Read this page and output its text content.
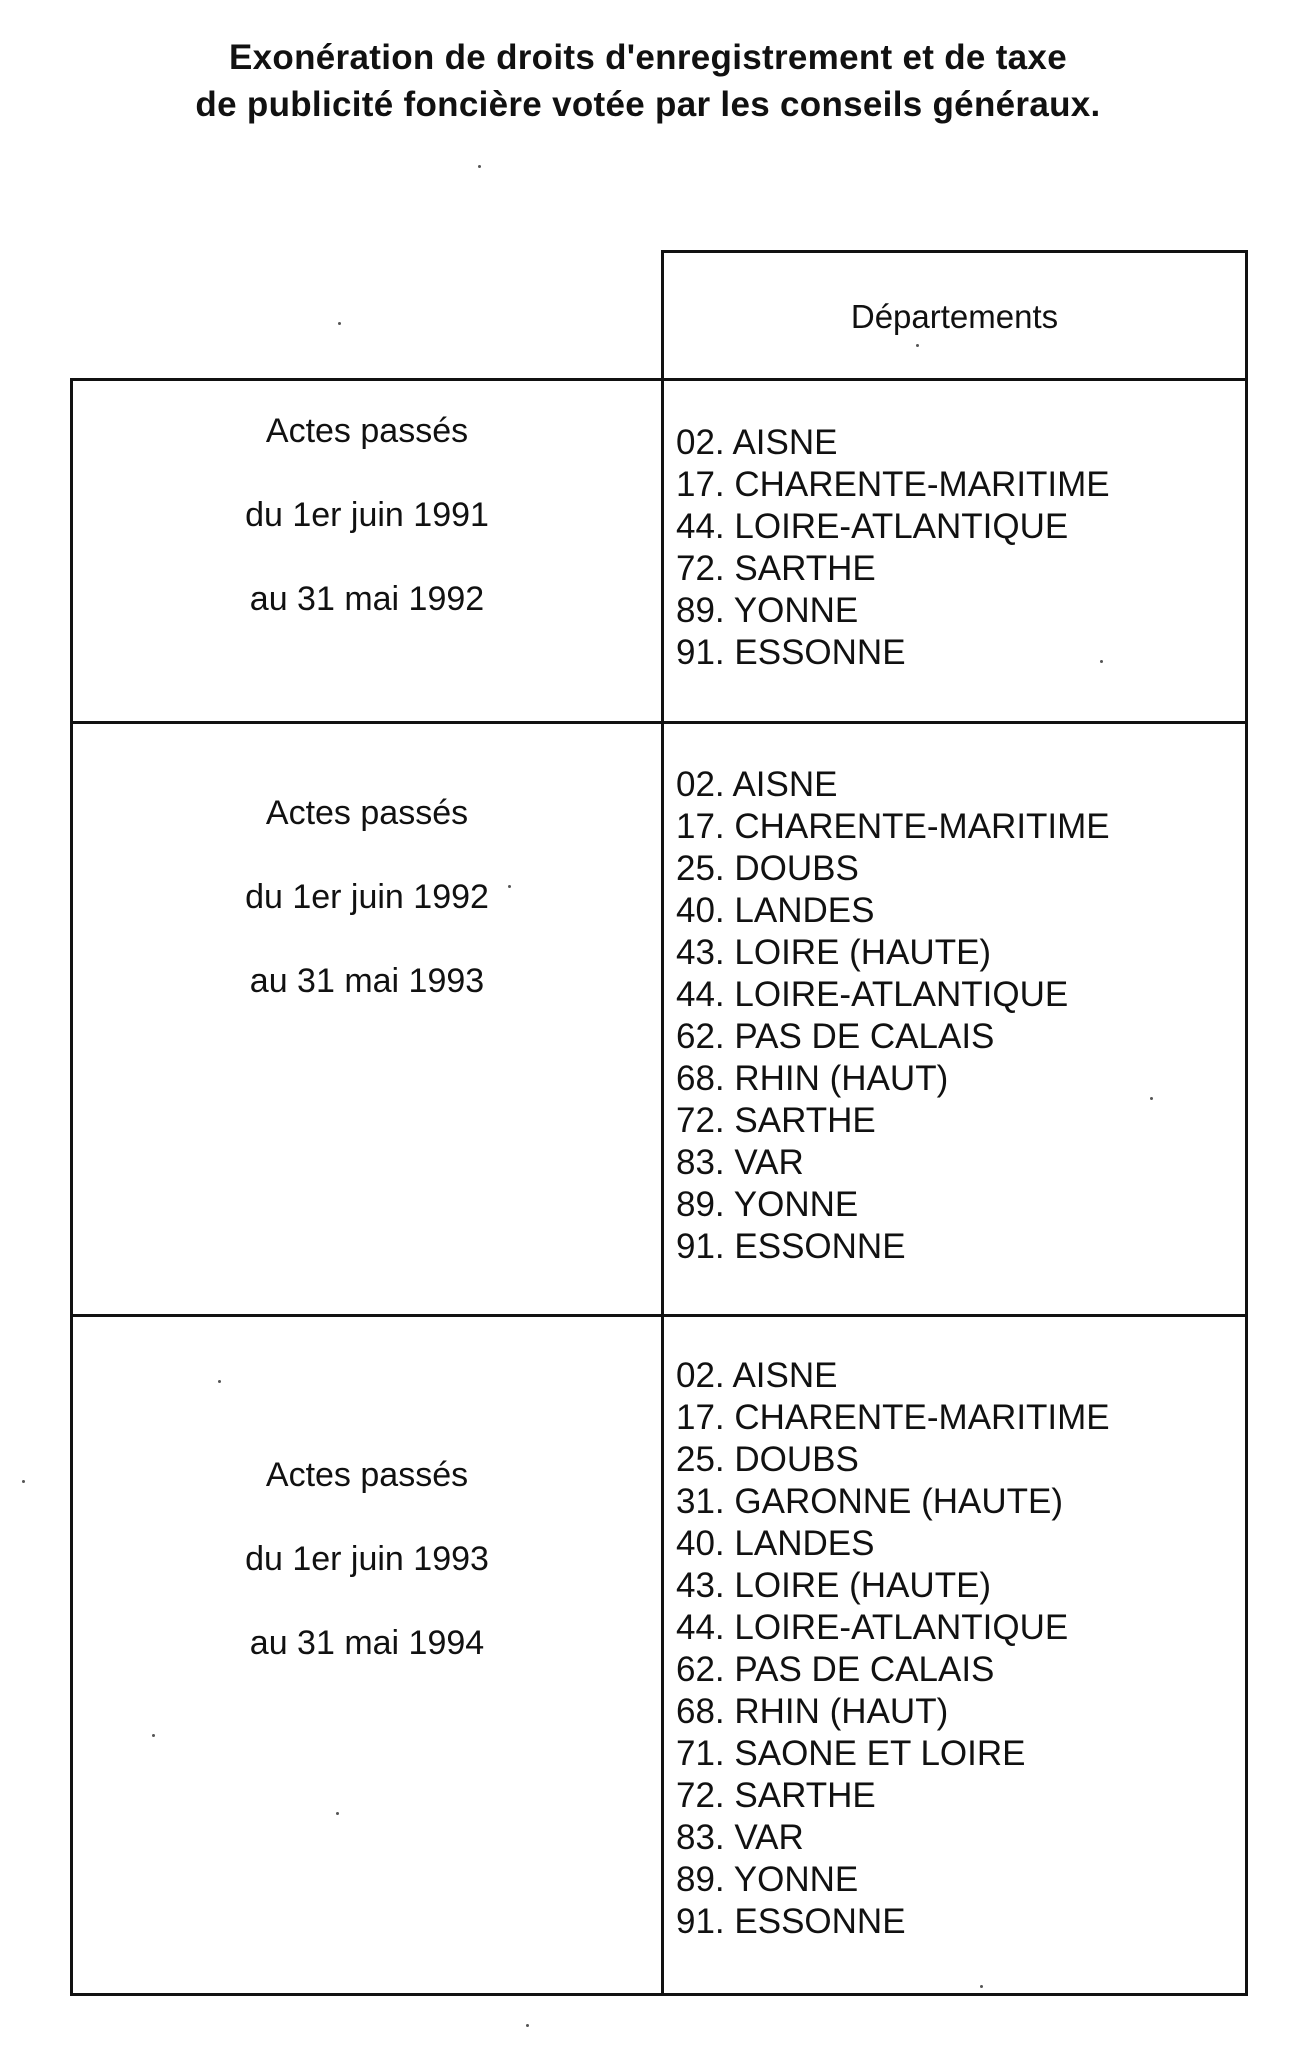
Exonération de droits d'enregistrement et de taxe
de publicité foncière votée par les conseils généraux.
Départements
Actes passés
du 1er juin 1991
au 31 mai 1992
02. AISNE
17. CHARENTE-MARITIME
44. LOIRE-ATLANTIQUE
72. SARTHE
89. YONNE
91. ESSONNE
Actes passés
du 1er juin 1992
au 31 mai 1993
02. AISNE
17. CHARENTE-MARITIME
25. DOUBS
40. LANDES
43. LOIRE (HAUTE)
44. LOIRE-ATLANTIQUE
62. PAS DE CALAIS
68. RHIN (HAUT)
72. SARTHE
83. VAR
89. YONNE
91. ESSONNE
Actes passés
du 1er juin 1993
au 31 mai 1994
02. AISNE
17. CHARENTE-MARITIME
25. DOUBS
31. GARONNE (HAUTE)
40. LANDES
43. LOIRE (HAUTE)
44. LOIRE-ATLANTIQUE
62. PAS DE CALAIS
68. RHIN (HAUT)
71. SAONE ET LOIRE
72. SARTHE
83. VAR
89. YONNE
91. ESSONNE
